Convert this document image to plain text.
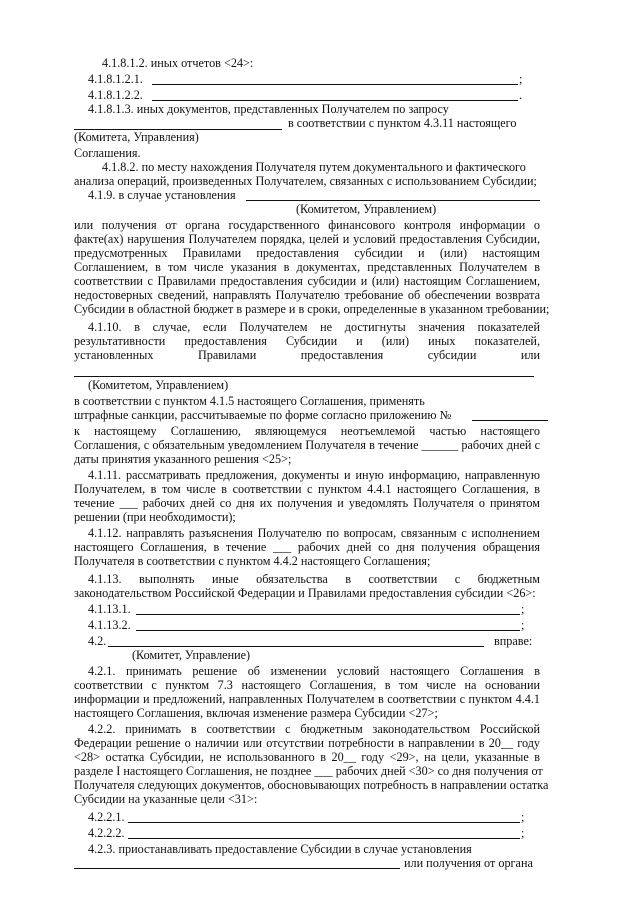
4.1.8.1.2. иных отчетов <24>:
4.1.8.1.2.1.	;
4.1.8.1.2.2.	.
4.1.8.1.3. иных документов, представленных Получателем по запросу
в соответствии с пунктом 4.3.11 настоящего
(Комитета, Управления)
Соглашения.
4.1.8.2. по месту нахождения Получателя путем документального и фактического
анализа операций, произведенных Получателем, связанных с использованием Субсидии;
4.1.9. в случае установления
(Комитетом, Управлением)
или получения от органа государственного финансового контроля информации о
факте(ах) нарушения Получателем порядка, целей и условий предоставления Субсидии,
предусмотренных Правилами предоставления субсидии и (или) настоящим
Соглашением, в том числе указания в документах, представленных Получателем в
соответствии с Правилами предоставления субсидии и (или) настоящим Соглашением,
недостоверных сведений, направлять Получателю требование об обеспечении возврата
Субсидии в областной бюджет в размере и в сроки, определенные в указанном требовании;
4.1.10. в случае, если Получателем не достигнуты значения показателей
результативности предоставления Субсидии и (или) иных показателей,
установленных Правилами предоставления субсидии или
(Комитетом, Управлением)
в соответствии с пунктом 4.1.5 настоящего Соглашения, применять
штрафные санкции, рассчитываемые по форме согласно приложению №
к настоящему Соглашению, являющемуся неотъемлемой частью настоящего
Соглашения, с обязательным уведомлением Получателя в течение ______ рабочих дней с
даты принятия указанного решения <25>;
4.1.11. рассматривать предложения, документы и иную информацию, направленную
Получателем, в том числе в соответствии с пунктом 4.4.1 настоящего Соглашения, в
течение ___ рабочих дней со дня их получения и уведомлять Получателя о принятом
решении (при необходимости);
4.1.12. направлять разъяснения Получателю по вопросам, связанным с исполнением
настоящего Соглашения, в течение ___ рабочих дней со дня получения обращения
Получателя в соответствии с пунктом 4.4.2 настоящего Соглашения;
4.1.13. выполнять иные обязательства в соответствии с бюджетным
законодательством Российской Федерации и Правилами предоставления субсидии <26>:
4.1.13.1.	;
4.1.13.2.	;
4.2.	вправе:
(Комитет, Управление)
4.2.1. принимать решение об изменении условий настоящего Соглашения в
соответствии с пунктом 7.3 настоящего Соглашения, в том числе на основании
информации и предложений, направленных Получателем в соответствии с пунктом 4.4.1
настоящего Соглашения, включая изменение размера Субсидии <27>;
4.2.2. принимать в соответствии с бюджетным законодательством Российской
Федерации решение о наличии или отсутствии потребности в направлении в 20__ году
<28> остатка Субсидии, не использованного в 20__ году <29>, на цели, указанные в
разделе I настоящего Соглашения, не позднее ___ рабочих дней <30> со дня получения от
Получателя следующих документов, обосновывающих потребность в направлении остатка
Субсидии на указанные цели <31>:
4.2.2.1.	;
4.2.2.2.	;
4.2.3. приостанавливать предоставление Субсидии в случае установления
или получения от органа
